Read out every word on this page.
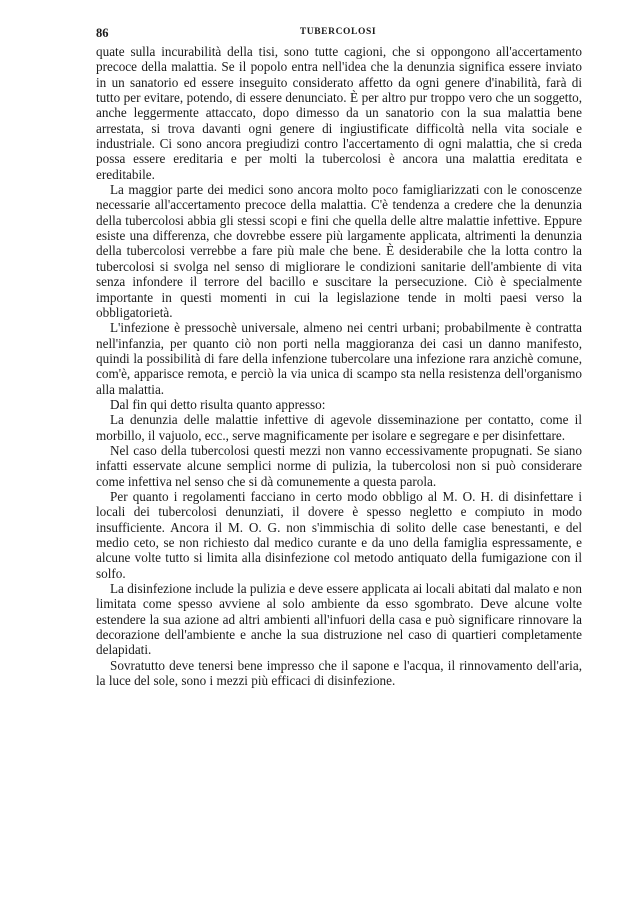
86	TUBERCOLOSI

quate sulla incurabilità della tisi, sono tutte cagioni, che si oppongono all'accertamento precoce della malattia. Se il popolo entra nell'idea che la denunzia significa essere inviato in un sanatorio ed essere inseguito considerato affetto da ogni genere d'inabilità, farà di tutto per evitare, potendo, di essere denunciato. È per altro pur troppo vero che un soggetto, anche leggermente attaccato, dopo dimesso da un sanatorio con la sua malattia bene arrestata, si trova davanti ogni genere di ingiustificate difficoltà nella vita sociale e industriale. Ci sono ancora pregiudizi contro l'accertamento di ogni malattia, che si creda possa essere ereditaria e per molti la tubercolosi è ancora una malattia ereditata e ereditabile.

La maggior parte dei medici sono ancora molto poco famigliarizzati con le conoscenze necessarie all'accertamento precoce della malattia. C'è tendenza a credere che la denunzia della tubercolosi abbia gli stessi scopi e fini che quella delle altre malattie infettive. Eppure esiste una differenza, che dovrebbe essere più largamente applicata, altrimenti la denunzia della tubercolosi verrebbe a fare più male che bene. È desiderabile che la lotta contro la tubercolosi si svolga nel senso di migliorare le condizioni sanitarie dell'ambiente di vita senza infondere il terrore del bacillo e suscitare la persecuzione. Ciò è specialmente importante in questi momenti in cui la legislazione tende in molti paesi verso la obbligatorietà.

L'infezione è pressochè universale, almeno nei centri urbani; probabilmente è contratta nell'infanzia, per quanto ciò non porti nella maggioranza dei casi un danno manifesto, quindi la possibilità di fare della infenzione tubercolare una infezione rara anzichè comune, com'è, apparisce remota, e perciò la via unica di scampo sta nella resistenza dell'organismo alla malattia.

Dal fin qui detto risulta quanto appresso:

La denunzia delle malattie infettive di agevole disseminazione per contatto, come il morbillo, il vajuolo, ecc., serve magnificamente per isolare e segregare e per disinfettare.

Nel caso della tubercolosi questi mezzi non vanno eccessivamente propugnati. Se siano infatti esservate alcune semplici norme di pulizia, la tubercolosi non si può considerare come infettiva nel senso che si dà comunemente a questa parola.

Per quanto i regolamenti facciano in certo modo obbligo al M. O. H. di disinfettare i locali dei tubercolosi denunziati, il dovere è spesso negletto e compiuto in modo insufficiente. Ancora il M. O. G. non s'immischia di solito delle case benestanti, e del medio ceto, se non richiesto dal medico curante e da uno della famiglia espressamente, e alcune volte tutto si limita alla disinfezione col metodo antiquato della fumigazione con il solfo.

La disinfezione include la pulizia e deve essere applicata ai locali abitati dal malato e non limitata come spesso avviene al solo ambiente da esso sgombrato. Deve alcune volte estendere la sua azione ad altri ambienti all'infuori della casa e può significare rinnovare la decorazione dell'ambiente e anche la sua distruzione nel caso di quartieri completamente delapidati.

Sovratutto deve tenersi bene impresso che il sapone e l'acqua, il rinnovamento dell'aria, la luce del sole, sono i mezzi più efficaci di disinfezione.
